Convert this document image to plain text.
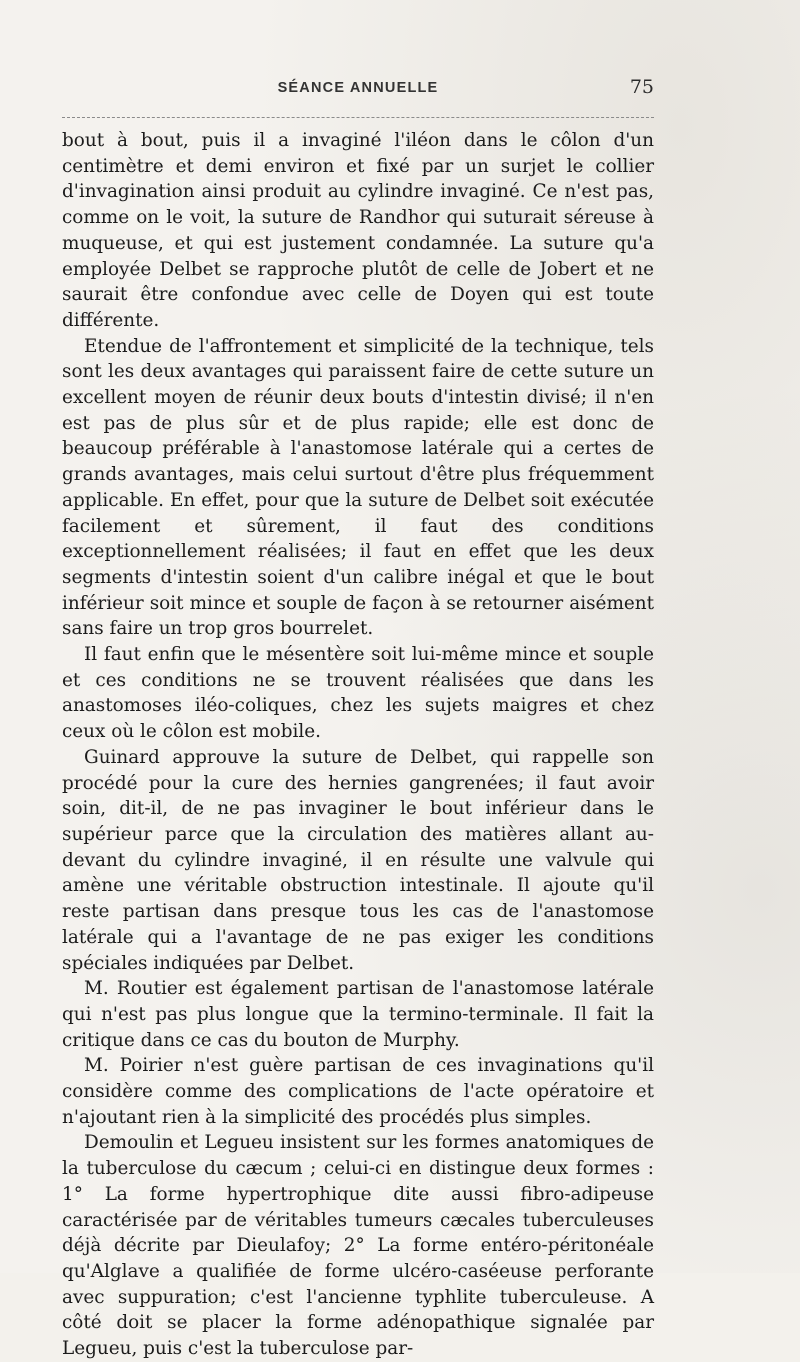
SÉANCE ANNUELLE	75

bout à bout, puis il a invaginé l'iléon dans le côlon d'un centimètre et demi environ et fixé par un surjet le collier d'invagination ainsi produit au cylindre invaginé. Ce n'est pas, comme on le voit, la suture de Randhor qui suturait séreuse à muqueuse, et qui est justement condamnée. La suture qu'a employée Delbet se rapproche plutôt de celle de Jobert et ne saurait être confondue avec celle de Doyen qui est toute différente.

Etendue de l'affrontement et simplicité de la technique, tels sont les deux avantages qui paraissent faire de cette suture un excellent moyen de réunir deux bouts d'intestin divisé; il n'en est pas de plus sûr et de plus rapide; elle est donc de beaucoup préférable à l'anastomose latérale qui a certes de grands avantages, mais celui surtout d'être plus fréquemment applicable. En effet, pour que la suture de Delbet soit exécutée facilement et sûrement, il faut des conditions exceptionnellement réalisées; il faut en effet que les deux segments d'intestin soient d'un calibre inégal et que le bout inférieur soit mince et souple de façon à se retourner aisément sans faire un trop gros bourrelet.

Il faut enfin que le mésentère soit lui-même mince et souple et ces conditions ne se trouvent réalisées que dans les anastomoses iléo-coliques, chez les sujets maigres et chez ceux où le côlon est mobile.

Guinard approuve la suture de Delbet, qui rappelle son procédé pour la cure des hernies gangrenées; il faut avoir soin, dit-il, de ne pas invaginer le bout inférieur dans le supérieur parce que la circulation des matières allant au-devant du cylindre invaginé, il en résulte une valvule qui amène une véritable obstruction intestinale. Il ajoute qu'il reste partisan dans presque tous les cas de l'anastomose latérale qui a l'avantage de ne pas exiger les conditions spéciales indiquées par Delbet.

M. Routier est également partisan de l'anastomose latérale qui n'est pas plus longue que la termino-terminale. Il fait la critique dans ce cas du bouton de Murphy.

M. Poirier n'est guère partisan de ces invaginations qu'il considère comme des complications de l'acte opératoire et n'ajoutant rien à la simplicité des procédés plus simples.

Demoulin et Legueu insistent sur les formes anatomiques de la tuberculose du cæcum ; celui-ci en distingue deux formes : 1° La forme hypertrophique dite aussi fibro-adipeuse caractérisée par de véritables tumeurs cæcales tuberculeuses déjà décrite par Dieulafoy; 2° La forme entéro-péritonéale qu'Alglave a qualifiée de forme ulcéro-caséeuse perforante avec suppuration; c'est l'ancienne typhlite tuberculeuse. A côté doit se placer la forme adénopathique signalée par Legueu, puis c'est la tuberculose par-
